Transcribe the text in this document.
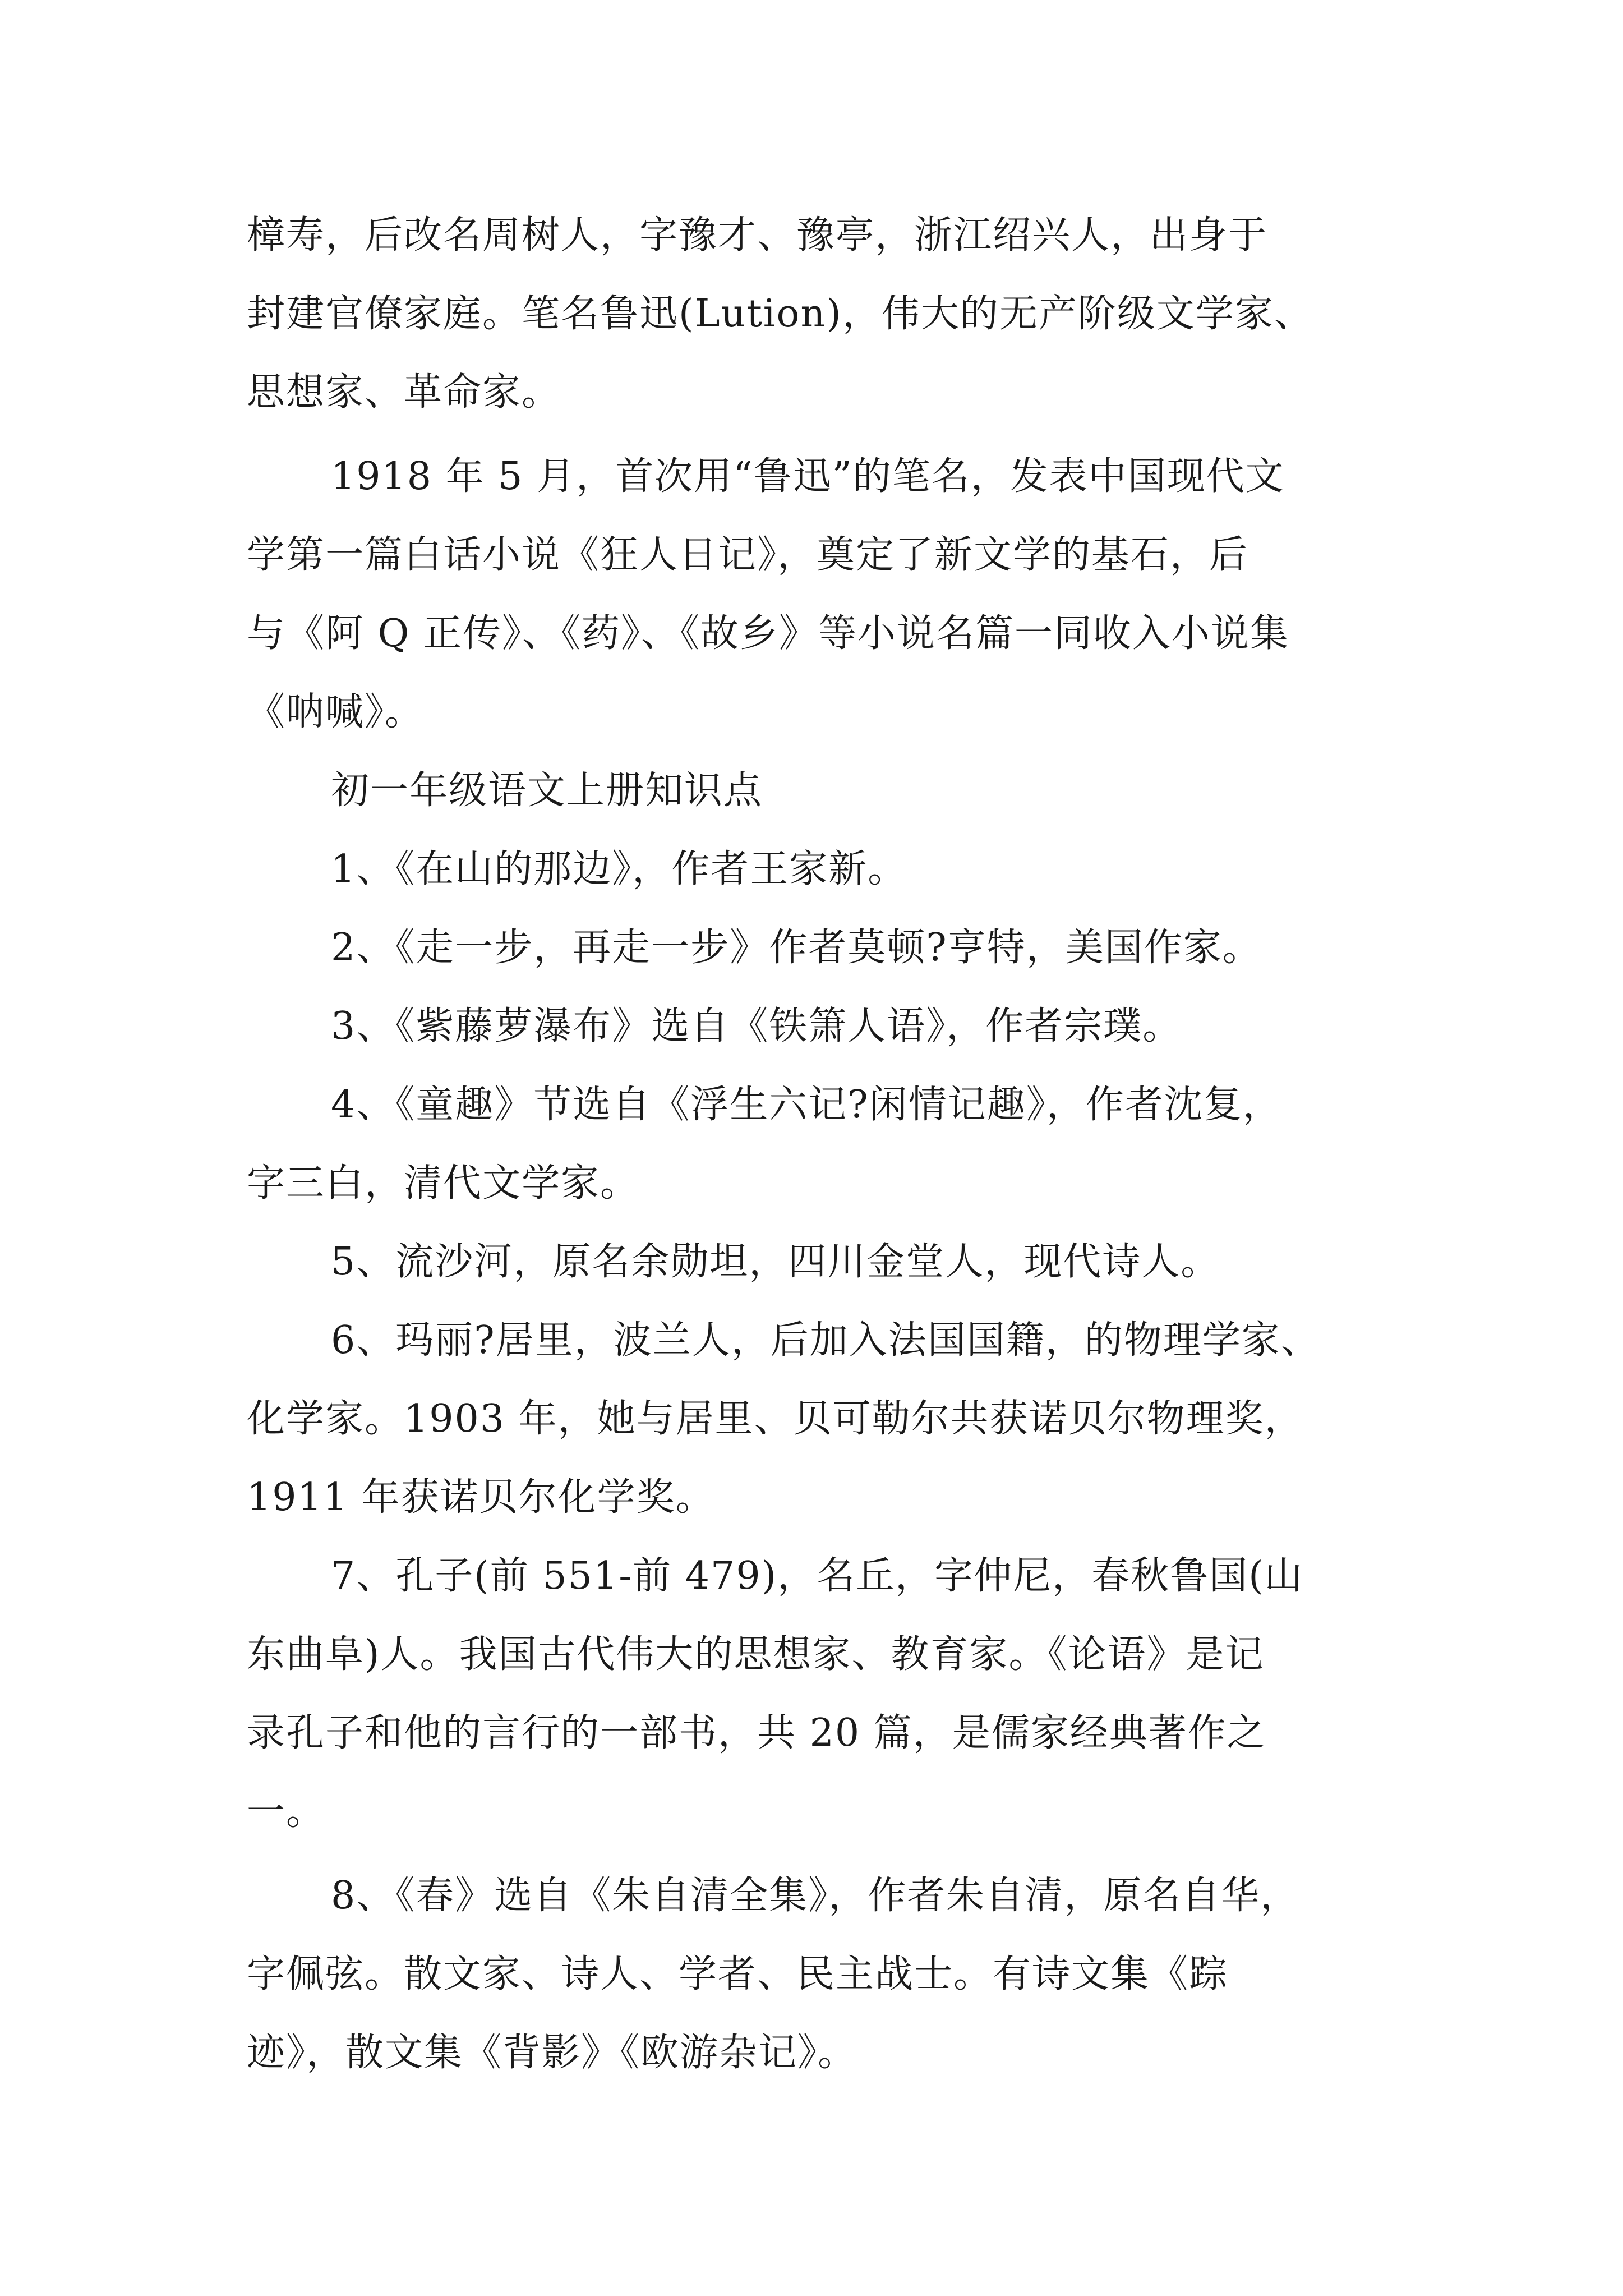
樟寿，后改名周树人，字豫才、豫亭，浙江绍兴人，出身于
封建官僚家庭。笔名鲁迅(Lution)，伟大的无产阶级文学家、
思想家、革命家。
1918 年 5 月，首次用“鲁迅”的笔名，发表中国现代文
学第一篇白话小说《狂人日记》，奠定了新文学的基石，后
与《阿 Q 正传》、《药》、《故乡》等小说名篇一同收入小说集
《呐喊》。
初一年级语文上册知识点
1、《在山的那边》，作者王家新。
2、《走一步，再走一步》作者莫顿?亨特，美国作家。
3、《紫藤萝瀑布》选自《铁箫人语》，作者宗璞。
4、《童趣》节选自《浮生六记?闲情记趣》，作者沈复，
字三白，清代文学家。
5、流沙河，原名余勋坦，四川金堂人，现代诗人。
6、玛丽?居里，波兰人，后加入法国国籍，的物理学家、
化学家。1903 年，她与居里、贝可勒尔共获诺贝尔物理奖，
1911 年获诺贝尔化学奖。
7、孔子(前 551-前 479)，名丘，字仲尼，春秋鲁国(山
东曲阜)人。我国古代伟大的思想家、教育家。《论语》是记
录孔子和他的言行的一部书，共 20 篇，是儒家经典著作之
一。
8、《春》选自《朱自清全集》，作者朱自清，原名自华，
字佩弦。散文家、诗人、学者、民主战士。有诗文集《踪
迹》，散文集《背影》《欧游杂记》。
